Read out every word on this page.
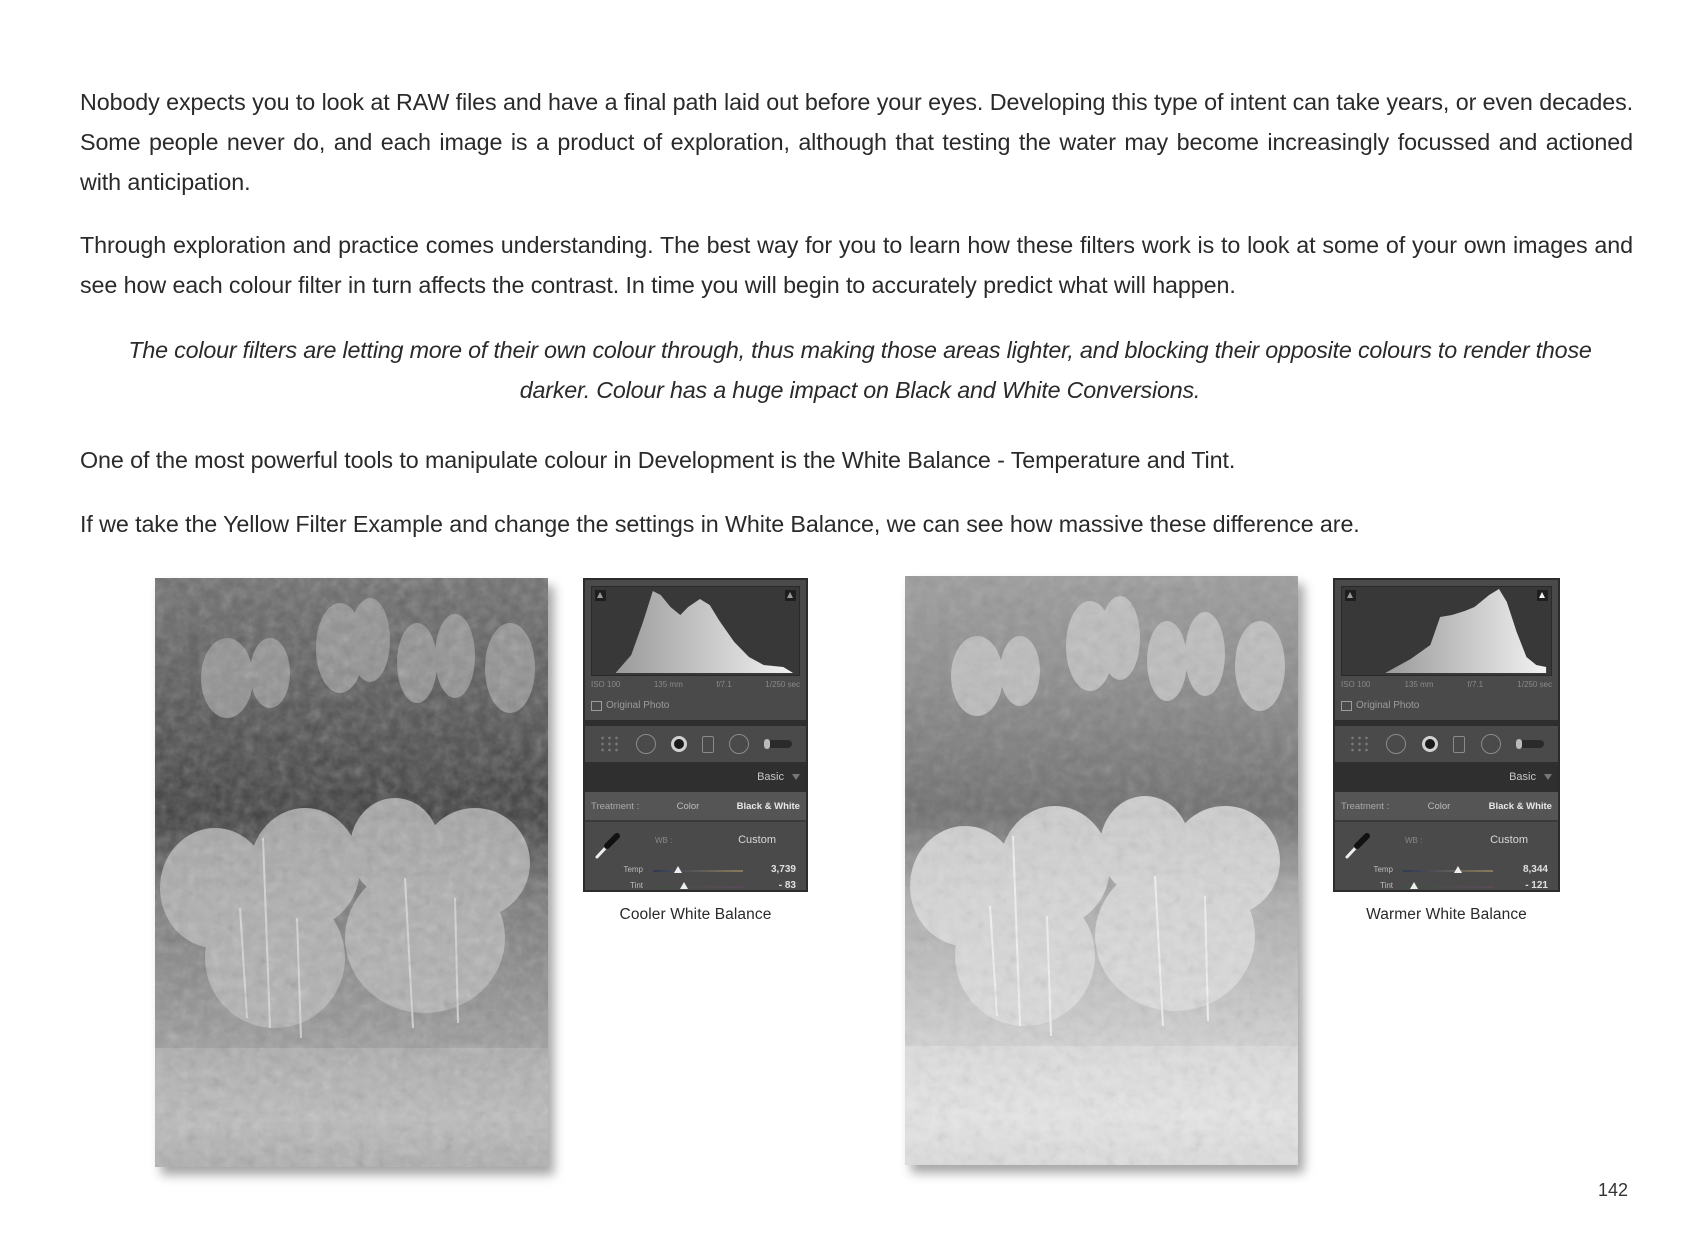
Nobody expects you to look at RAW files and have a final path laid out before your eyes. Developing this type of intent can take years, or even decades. Some people never do, and each image is a product of exploration, although that testing the water may become increasingly focussed and actioned with anticipation.

Through exploration and practice comes understanding. The best way for you to learn how these filters work is to look at some of your own images and see how each colour filter in turn affects the contrast. In time you will begin to accurately predict what will happen.

The colour filters are letting more of their own colour through, thus making those areas lighter, and blocking their opposite colours to render those darker. Colour has a huge impact on Black and White Conversions.

One of the most powerful tools to manipulate colour in Development is the White Balance - Temperature and Tint.

If we take the Yellow Filter Example and change the settings in White Balance, we can see how massive these difference are.

ISO 100	135 mm	f/7.1	1/250 sec
Original Photo
Basic
Treatment :	Color	Black & White
WB :	Custom
Temp	3,739
Tint	- 83
Cooler White Balance
ISO 100	135 mm	f/7.1	1/250 sec
Original Photo
Basic
Treatment :	Color	Black & White
WB :	Custom
Temp	8,344
Tint	- 121
Warmer White Balance
142
